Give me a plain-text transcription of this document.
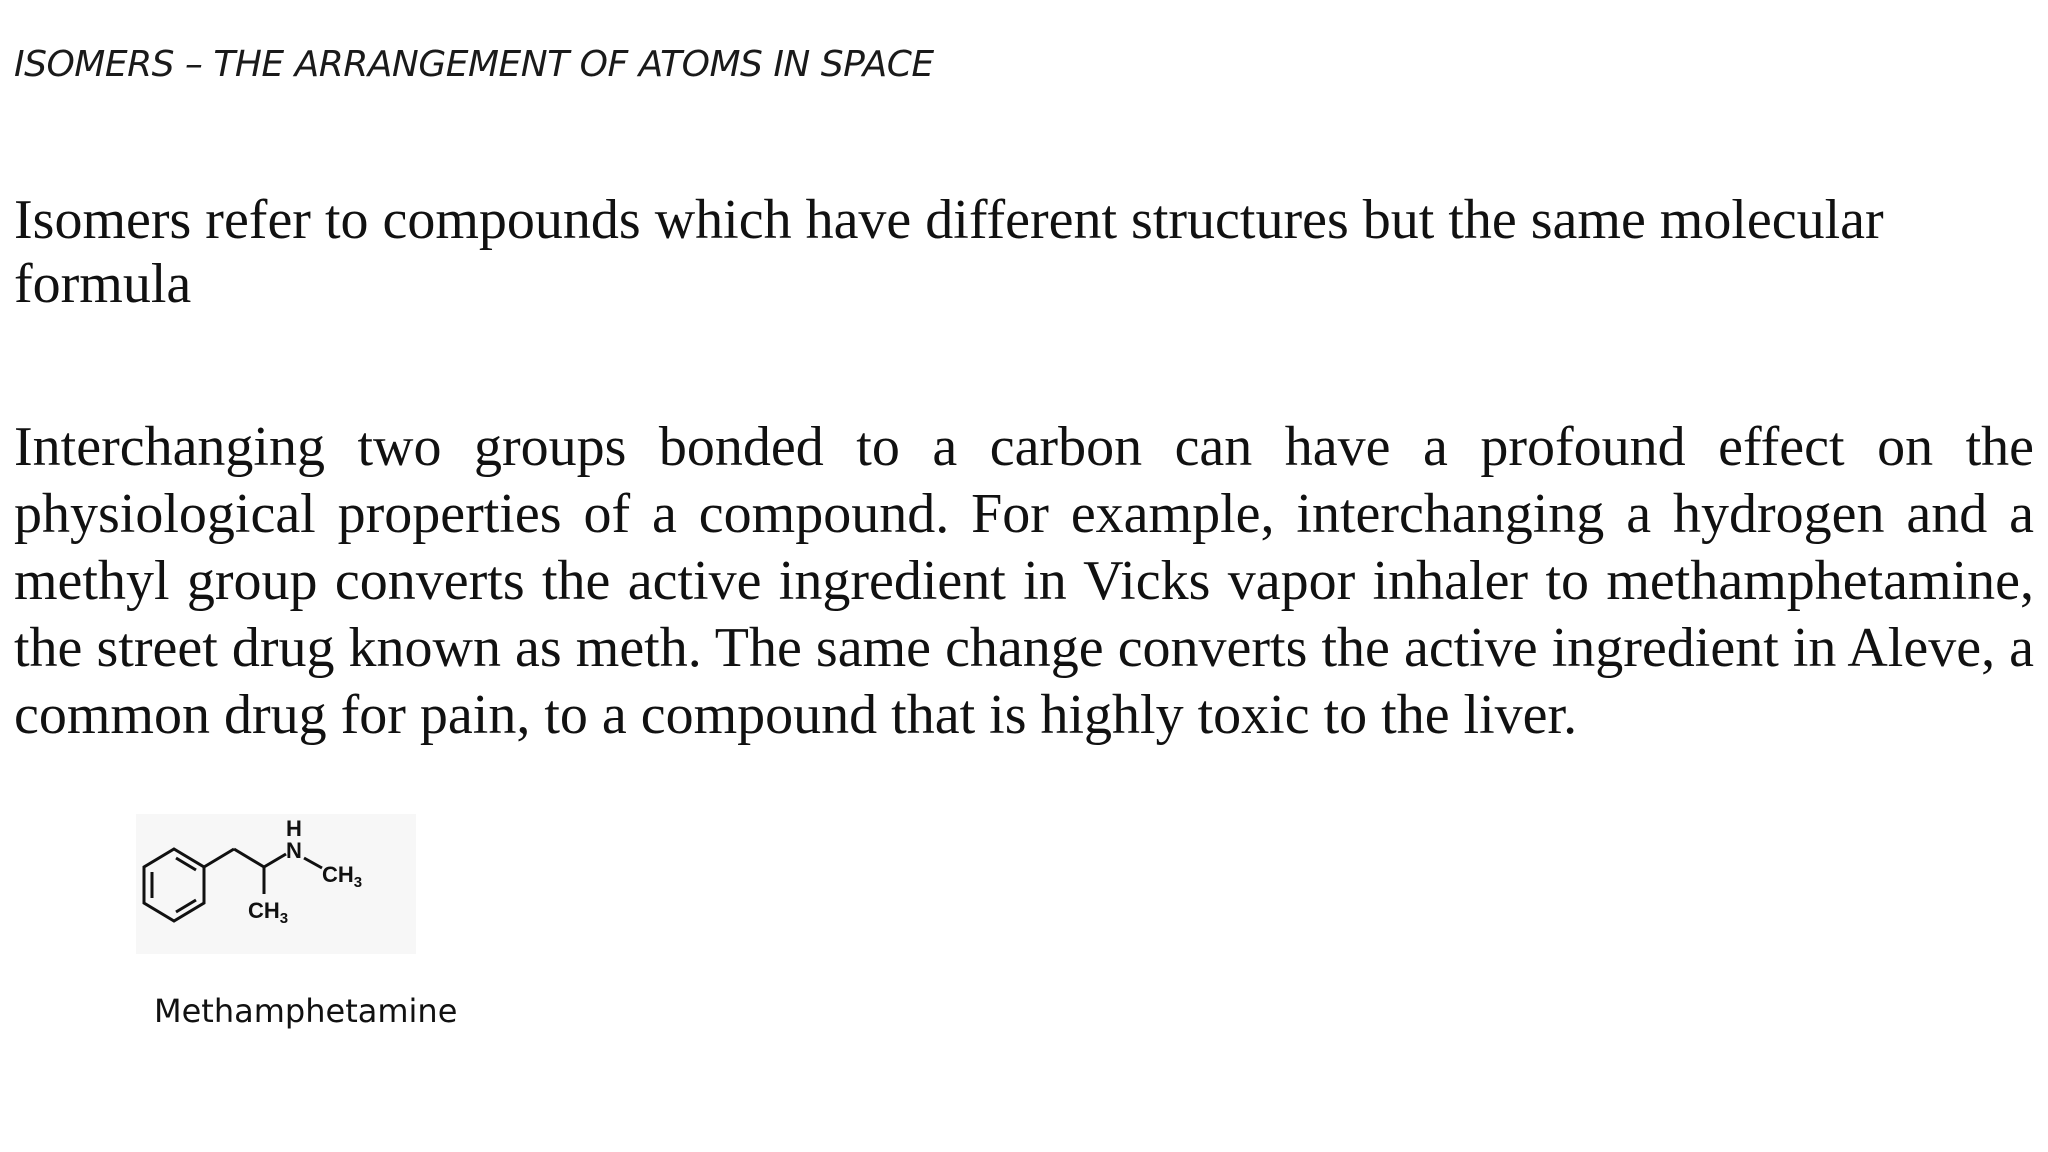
ISOMERS – THE ARRANGEMENT OF ATOMS IN SPACE
Isomers refer to compounds which have different structures but the same molecular formula
Interchanging two groups bonded to a carbon can have a profound effect on the physiological properties of a compound. For example, interchanging a hydrogen and a methyl group converts the active ingredient in Vicks vapor inhaler to methamphetamine, the street drug known as meth. The same change converts the active ingredient in Aleve, a common drug for pain, to a compound that is highly toxic to the liver.
H
N
$CH_3$
$CH_3$
Methamphetamine
